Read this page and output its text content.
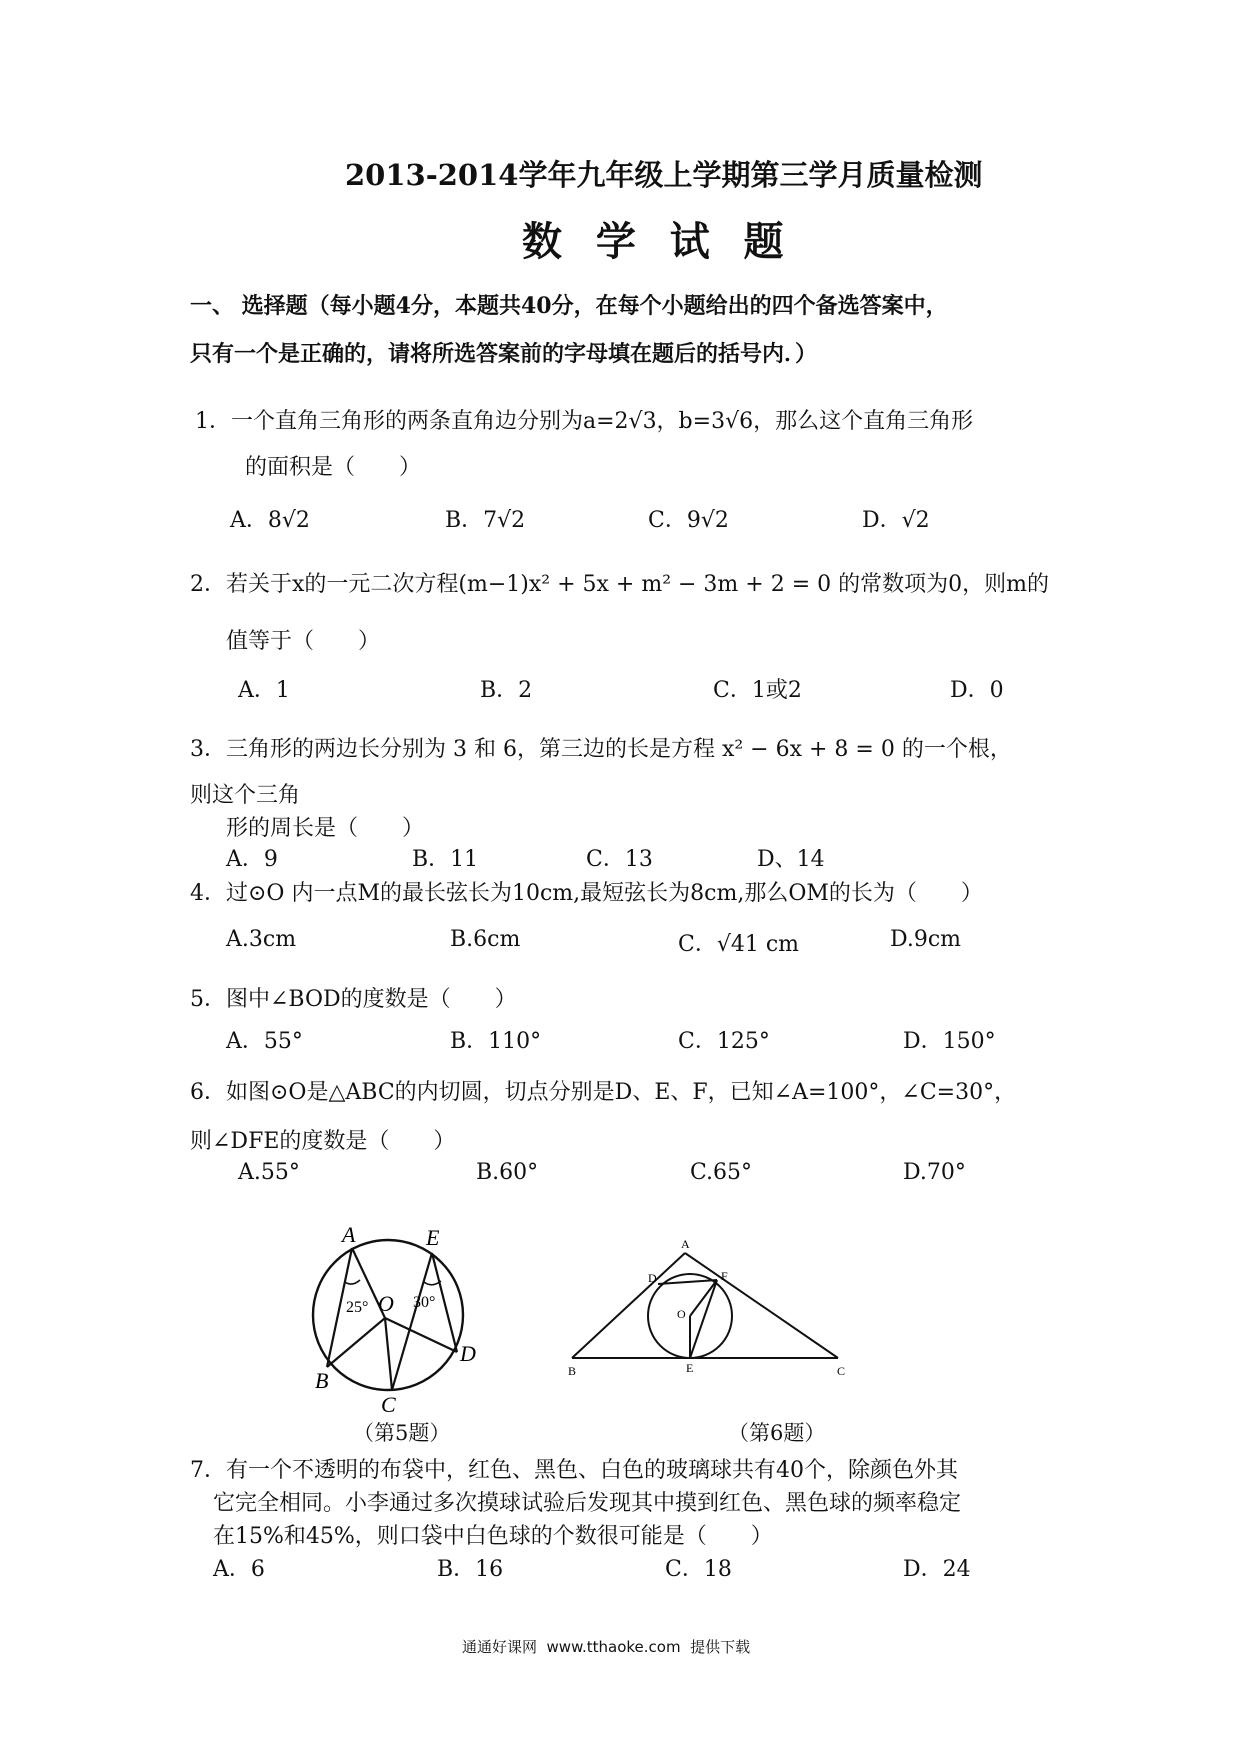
2013-2014学年九年级上学期第三学月质量检测
数  学  试  题
一、 选择题（每小题4分，本题共40分，在每个小题给出的四个备选答案中，
只有一个是正确的，请将所选答案前的字母填在题后的括号内．）
1．一个直角三角形的两条直角边分别为a=2√3，b=3√6，那么这个直角三角形
的面积是（　　）
A．8√2	B．7√2	C．9√2	D．√2
2．若关于x的一元二次方程(m−1)x² + 5x + m² − 3m + 2 = 0 的常数项为0，则m的
值等于（　　）
A．1	B．2	C．1或2	D．0
3．三角形的两边长分别为 3 和 6，第三边的长是方程 x² − 6x + 8 = 0 的一个根，
则这个三角
形的周长是（　　）
A．9	B．11	C．13	D、14
4．过⊙O 内一点M的最长弦长为10cm,最短弦长为8cm,那么OM的长为（　　）
A.3cm	B.6cm	C．√41 cm	D.9cm
5．图中∠BOD的度数是（　　）
A．55°	B．110°	C．125°	D．150°
6．如图⊙O是△ABC的内切圆，切点分别是D、E、F，已知∠A=100°，∠C=30°，
则∠DFE的度数是（　　）
A.55°	B.60°	C.65°	D.70°
A	E
O
B
C
D
25°	30°
（第5题）
A
D	F
O
B	E	C
（第6题）
7．有一个不透明的布袋中，红色、黑色、白色的玻璃球共有40个，除颜色外其
它完全相同。小李通过多次摸球试验后发现其中摸到红色、黑色球的频率稳定
在15%和45%，则口袋中白色球的个数很可能是（　　）
A．6	B．16	C．18	D．24
通通好课网  www.tthaoke.com  提供下载
